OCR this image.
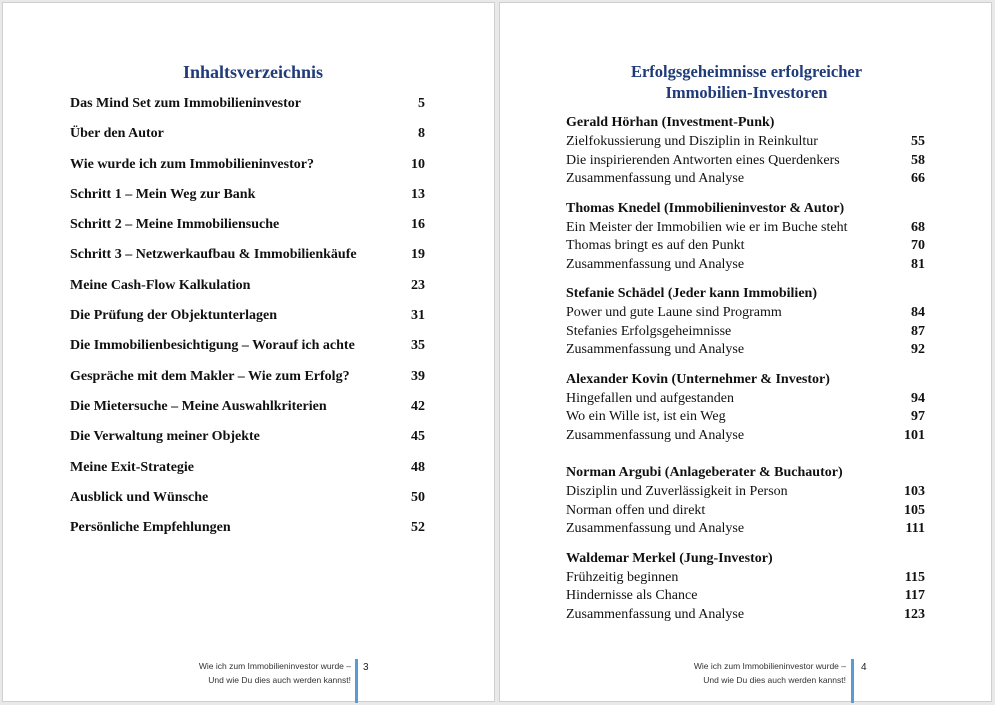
Inhaltsverzeichnis
Das Mind Set zum Immobilieninvestor	5
Über den Autor	8
Wie wurde ich zum Immobilieninvestor?	10
Schritt 1 – Mein Weg zur Bank	13
Schritt 2 – Meine Immobiliensuche	16
Schritt 3 – Netzwerkaufbau & Immobilienkäufe	19
Meine Cash-Flow Kalkulation	23
Die Prüfung der Objektunterlagen	31
Die Immobilienbesichtigung – Worauf ich achte	35
Gespräche mit dem Makler – Wie zum Erfolg?	39
Die Mietersuche – Meine Auswahlkriterien	42
Die Verwaltung meiner Objekte	45
Meine Exit-Strategie	48
Ausblick und Wünsche	50
Persönliche Empfehlungen	52
Wie ich zum Immobilieninvestor wurde –
Und wie Du dies auch werden kannst!
3
Erfolgsgeheimnisse erfolgreicher
Immobilien-Investoren
Gerald Hörhan (Investment-Punk)
Zielfokussierung und Disziplin in Reinkultur	55
Die inspirierenden Antworten eines Querdenkers	58
Zusammenfassung und Analyse	66
Thomas Knedel (Immobilieninvestor & Autor)
Ein Meister der Immobilien wie er im Buche steht	68
Thomas bringt es auf den Punkt	70
Zusammenfassung und Analyse	81
Stefanie Schädel (Jeder kann Immobilien)
Power und gute Laune sind Programm	84
Stefanies Erfolgsgeheimnisse	87
Zusammenfassung und Analyse	92
Alexander Kovin (Unternehmer & Investor)
Hingefallen und aufgestanden	94
Wo ein Wille ist, ist ein Weg	97
Zusammenfassung und Analyse	101
Norman Argubi (Anlageberater & Buchautor)
Disziplin und Zuverlässigkeit in Person	103
Norman offen und direkt	105
Zusammenfassung und Analyse	111
Waldemar Merkel (Jung-Investor)
Frühzeitig beginnen	115
Hindernisse als Chance	117
Zusammenfassung und Analyse	123
Wie ich zum Immobilieninvestor wurde –
Und wie Du dies auch werden kannst!
4
